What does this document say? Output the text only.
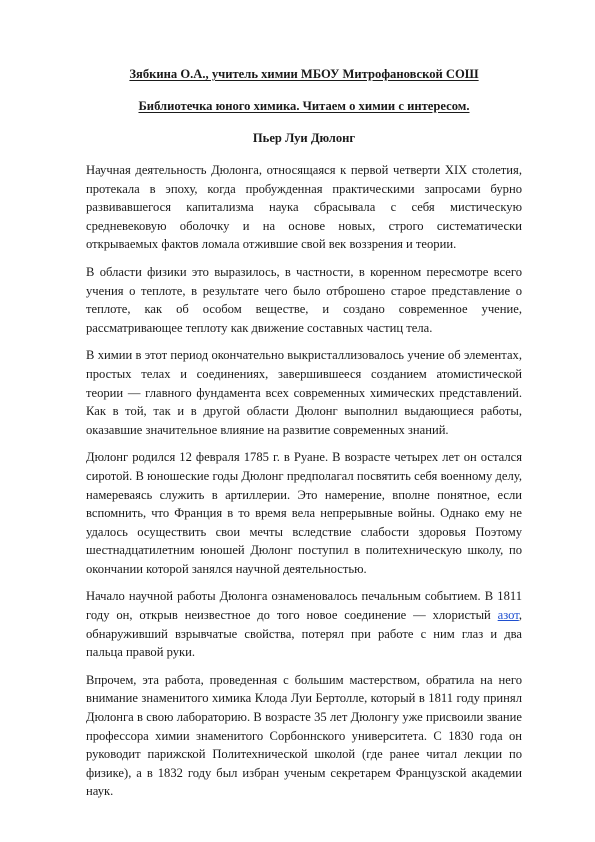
Зябкина О.А., учитель химии МБОУ Митрофановской СОШ

Библиотечка юного химика. Читаем о химии с интересом.

Пьер Луи Дюлонг

Научная деятельность Дюлонга, относящаяся к первой четверти XIX столетия, протекала в эпоху, когда пробужденная практическими запросами бурно развивавшегося капитализма наука сбрасывала с себя мистическую средневековую оболочку и на основе новых, строго систематически открываемых фактов ломала отжившие свой век воззрения и теории.

В области физики это выразилось, в частности, в коренном пересмотре всего учения о теплоте, в результате чего было отброшено старое представление о теплоте, как об особом веществе, и создано современное учение, рассматривающее теплоту как движение составных частиц тела.

В химии в этот период окончательно выкристаллизовалось учение об элементах, простых телах и соединениях, завершившееся созданием атомистической теории — главного фундамента всех современных химических представлений. Как в той, так и в другой области Дюлонг выполнил выдающиеся работы, оказавшие значительное влияние на развитие современных знаний.

Дюлонг родился 12 февраля 1785 г. в Руане. В возрасте четырех лет он остался сиротой. В юношеские годы Дюлонг предполагал посвятить себя военному делу, намереваясь служить в артиллерии. Это намерение, вполне понятное, если вспомнить, что Франция в то время вела непрерывные войны. Однако ему не удалось осуществить свои мечты вследствие слабости здоровья Поэтому шестнадцатилетним юношей Дюлонг поступил в политехническую школу, по окончании которой занялся научной деятельностью.

Начало научной работы Дюлонга ознаменовалось печальным событием. В 1811 году он, открыв неизвестное до того новое соединение — хлористый азот, обнаруживший взрывчатые свойства, потерял при работе с ним глаз и два пальца правой руки.

Впрочем, эта работа, проведенная с большим мастерством, обратила на него внимание знаменитого химика Клода Луи Бертолле, который в 1811 году принял Дюлонга в свою лабораторию. В возрасте 35 лет Дюлонгу уже присвоили звание профессора химии знаменитого Сорбоннского университета. С 1830 года он руководит парижской Политехнической школой (где ранее читал лекции по физике), а в 1832 году был избран ученым секретарем Французской академии наук.
